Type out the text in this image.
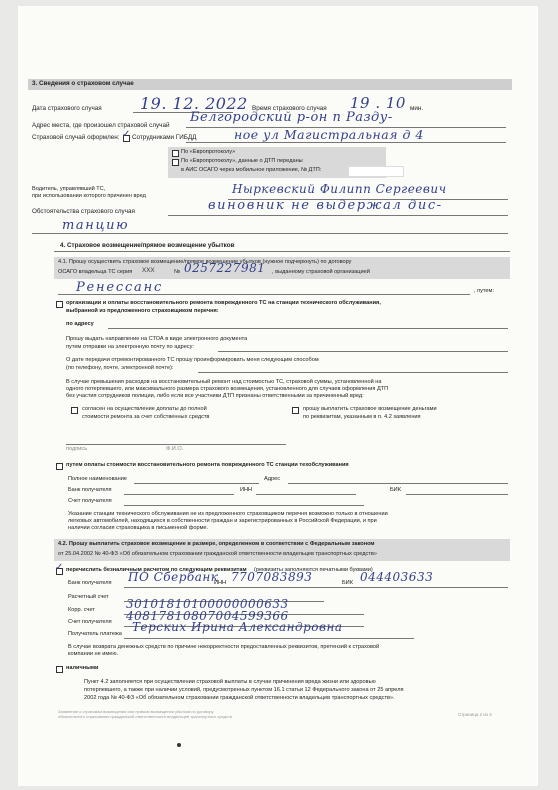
3. Сведения о страховом случае
Дата страхового случая 19. 12. 2022 Время страхового случая 19 . 10 мин.
Адрес места, где произошел страховой случай
Белгородский р-он п Разду-
ное ул Магистральная д 4
Страховой случай оформлен: ✓ Сотрудниками ГИБДД
По «Европротоколу»
По «Европротоколу», данные о ДТП переданы
в АИС ОСАГО через мобильное приложение, № ДТП:
Водитель, управлявший ТС,
при использовании которого причинен вред	Ныркевский Филипп Сергеевич
Обстоятельства страхового случая	виновник не выдержал дис-
танцию
4. Страховое возмещение/прямое возмещение убытков
4.1. Прошу осуществить страховое возмещение/прямое возмещение убытков (нужное подчеркнуть) по договору
ОСАГО владельца ТС серия ХХХ	№ 0257227981 , выданному страховой организацией
Ренессанс	, путем:
организации и оплаты восстановительного ремонта поврежденного ТС на станции технического обслуживания,
выбранной из предложенного страховщиком перечня:
по адресу
Прошу выдать направление на СТОА в виде электронного документа
путем отправки на электронную почту по адресу:
О дате передачи отремонтированного ТС прошу проинформировать меня следующим способом
(по телефону, почте, электронной почте):
В случае превышения расходов на восстановительный ремонт над стоимостью ТС, страховой суммы, установленной на
одного потерпевшего, или максимального размера страхового возмещения, установленного для случаев оформления ДТП
без участия сотрудников полиции, либо если все участники ДТП признаны ответственными за причиненный вред:
согласен на осуществление доплаты до полной
стоимости ремонта за счет собственных средств
прошу выплатить страховое возмещение деньгами
по реквизитам, указанным в п. 4.2 заявления
подпись	Ф.И.О.
путем оплаты стоимости восстановительного ремонта поврежденного ТС станции техобслуживания
Полное наименование	Адрес
Банк получателя	ИНН	БИК
Счет получателя
Указание станции технического обслуживания не из предложенного страховщиком перечня возможно только в отношении
легковых автомобилей, находящихся в собственности граждан и зарегистрированных в Российской Федерации, и при
наличии согласия страховщика в письменной форме.
4.2. Прошу выплатить страховое возмещение в размере, определенном в соответствии с Федеральным законом
от 25.04.2002 № 40-ФЗ «Об обязательном страховании гражданской ответственности владельцев транспортных средств»
✓ перечислить безналичным расчетом по следующим реквизитам (реквизиты заполняются печатными буквами)
Банк получателя ПО Сбербанк
ИНН 7707083893	БИК 044403633
Расчетный счет
Корр. счет	30101810100000000633
Счет получателя 40817810807004599366
Получатель платежа Терских Ирина Александровна
В случае возврата денежных средств по причине некорректности предоставленных реквизитов, претензий к страховой
компании не имею.
наличными
Пункт 4.2 заполняется при осуществлении страховой выплаты в случае причинения вреда жизни или здоровью
потерпевшего, а также при наличии условий, предусмотренных пунктом 16.1 статьи 12 Федерального закона от 25 апреля
2002 года № 40-ФЗ «Об обязательном страховании гражданской ответственности владельцев транспортных средств».
Заявление о страховом возмещении или прямом возмещении убытков по договору
обязательного страхования гражданской ответственности владельцев транспортных средств	Страница 2 из 4
